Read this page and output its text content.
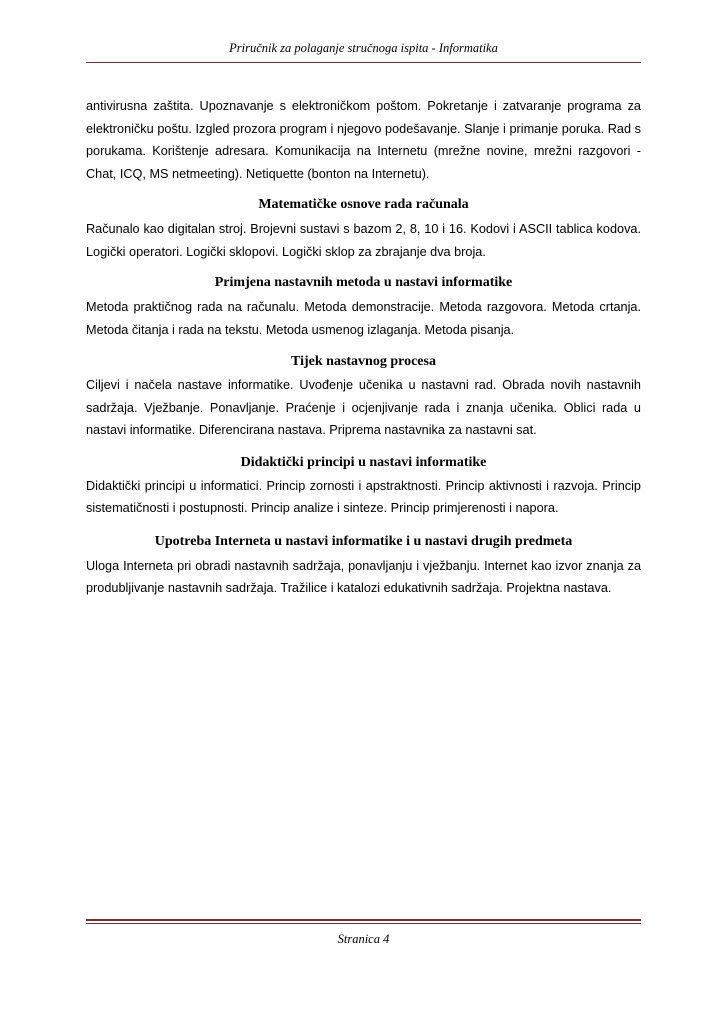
Priručnik za polaganje stručnoga ispita - Informatika

antivirusna zaštita. Upoznavanje s elektroničkom poštom. Pokretanje i zatvaranje programa za elektroničku poštu. Izgled prozora program i njegovo podešavanje. Slanje i primanje poruka. Rad s porukama. Korištenje adresara. Komunikacija na Internetu (mrežne novine, mrežni razgovori - Chat, ICQ, MS netmeeting). Netiquette (bonton na Internetu).

Matematičke osnove rada računala

Računalo kao digitalan stroj. Brojevni sustavi s bazom 2, 8, 10 i 16. Kodovi i ASCII tablica kodova. Logički operatori. Logički sklopovi. Logički sklop za zbrajanje dva broja.

Primjena nastavnih metoda u nastavi informatike

Metoda praktičnog rada na računalu. Metoda demonstracije. Metoda razgovora. Metoda crtanja. Metoda čitanja i rada na tekstu. Metoda usmenog izlaganja. Metoda pisanja.

Tijek nastavnog procesa

Ciljevi i načela nastave informatike. Uvođenje učenika u nastavni rad. Obrada novih nastavnih sadržaja. Vježbanje. Ponavljanje. Praćenje i ocjenjivanje rada i znanja učenika. Oblici rada u nastavi informatike. Diferencirana nastava. Priprema nastavnika za nastavni sat.

Didaktički principi u nastavi informatike

Didaktički principi u informatici. Princip zornosti i apstraktnosti. Princip aktivnosti i razvoja. Princip sistematičnosti i postupnosti. Princip analize i sinteze. Princip primjerenosti i napora.

Upotreba Interneta u nastavi informatike i u nastavi drugih predmeta

Uloga Interneta pri obradi nastavnih sadržaja, ponavljanju i vježbanju. Internet kao izvor znanja za produbljivanje nastavnih sadržaja. Tražilice i katalozi edukativnih sadržaja. Projektna nastava.

Stranica 4
